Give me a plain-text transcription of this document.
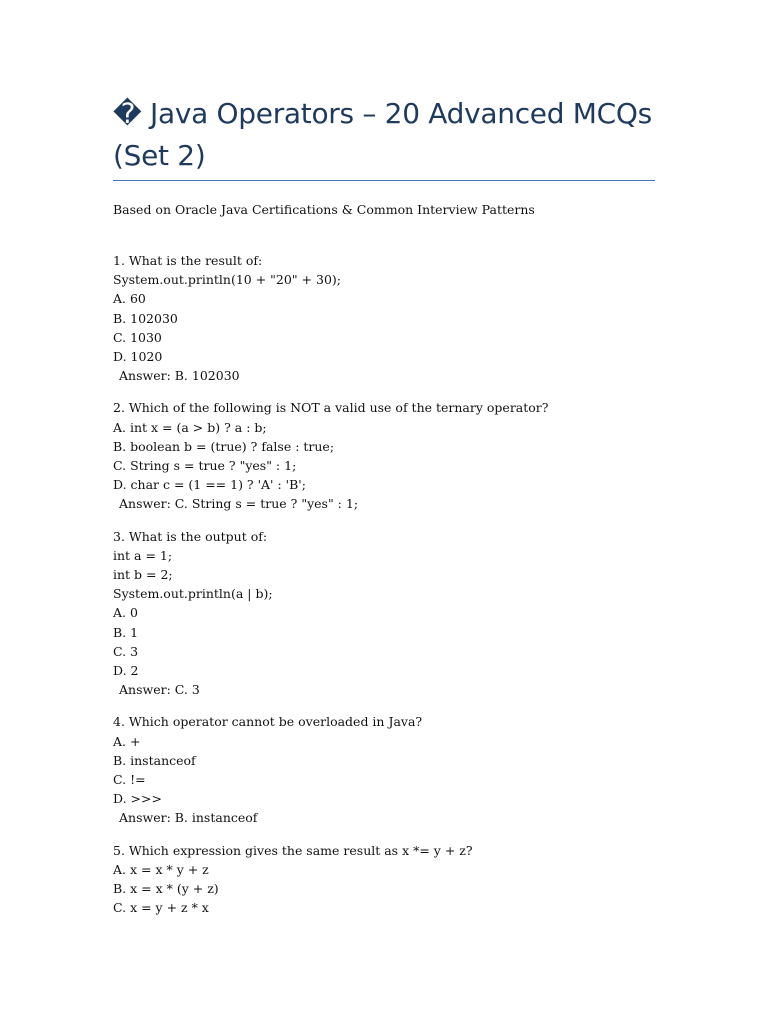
� Java Operators – 20 Advanced MCQs (Set 2)

Based on Oracle Java Certifications & Common Interview Patterns

1. What is the result of:
System.out.println(10 + "20" + 30);
A. 60
B. 102030
C. 1030
D. 1020
Answer: B. 102030
2. Which of the following is NOT a valid use of the ternary operator?
A. int x = (a > b) ? a : b;
B. boolean b = (true) ? false : true;
C. String s = true ? "yes" : 1;
D. char c = (1 == 1) ? 'A' : 'B';
Answer: C. String s = true ? "yes" : 1;
3. What is the output of:
int a = 1;
int b = 2;
System.out.println(a | b);
A. 0
B. 1
C. 3
D. 2
Answer: C. 3
4. Which operator cannot be overloaded in Java?
A. +
B. instanceof
C. !=
D. >>>
Answer: B. instanceof
5. Which expression gives the same result as x *= y + z?
A. x = x * y + z
B. x = x * (y + z)
C. x = y + z * x
